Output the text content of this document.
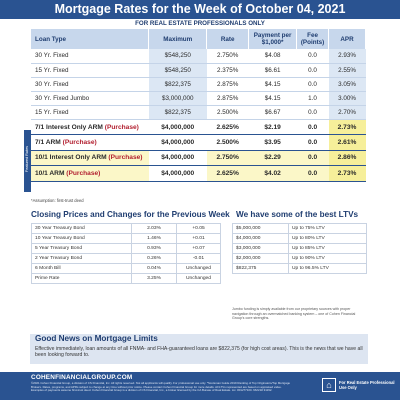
Mortgage Rates for the Week of October 04, 2021
FOR REAL ESTATE PROFESSIONALS ONLY
Loan Type	Maximum	Rate	Payment per $1,000*	Fee (Points)	APR
30 Yr. Fixed	$548,250	2.750%	$4.08	0.0	2.93%
15 Yr. Fixed	$548,250	2.375%	$6.61	0.0	2.55%
30 Yr. Fixed	$822,375	2.875%	$4.15	0.0	3.05%
30 Yr. Fixed Jumbo	$3,000,000	2.875%	$4.15	1.0	3.00%
15 Yr. Fixed	$822,375	2.500%	$6.67	0.0	2.70%
7/1 Interest Only ARM (Purchase)	$4,000,000	2.625%	$2.19	0.0	2.73%
7/1 ARM (Purchase)	$4,000,000	2.500%	$3.95	0.0	2.61%
10/1 Interest Only ARM (Purchase)	$4,000,000	2.750%	$2.29	0.0	2.86%
10/1 ARM (Purchase)	$4,000,000	2.625%	$4.02	0.0	2.73%
Featured Rates
*Assumption: first-trust deed
Closing Prices and Changes for the Previous Week
30 Year Treasury Bond	2.03%	+0.05
10 Year Treasury Bond	1.46%	+0.01
5 Year Treasury Bond	0.93%	+0.07
2 Year Treasury Bond	0.26%	-0.01
6 Month Bill	0.04%	Unchanged
Prime Rate	3.25%	Unchanged
We have some of the best LTVs
$5,000,000	Up to 75% LTV
$4,000,000	Up to 80% LTV
$3,000,000	Up to 85% LTV
$2,000,000	Up to 90% LTV
$822,375	Up to 96.5% LTV
Jumbo funding is simply available from our proprietary sources with proper navigation through an overmatched banking system – one of Cohen Financial Group's core strengths.
Good News on Mortgage Limits
Effective immediately, loan amounts of all FNMA- and FHA-guaranteed loans are $822,375 (for high cost areas). This is the news that we have all been looking forward to.
COHENFINANCIALGROUP.COM
©2021 Cohen Financial Group, a division of CS Financial, Inc. All rights reserved. Not all applicants will qualify. For professional use only. *Scotsman Guide 2019 Ranking of Top Originators/Top Mortgage Brokers. Rates, programs, and APRs subject to change at any time without prior notice. Please contact Cohen Financial Group for more details. All LTVs represented are based on appraised value. Examples of payments assume first-trust deed. Cohen Financial Group is a division of CS Financial, Inc., a broker licensed by the CA Bureau of Real Estate. Lic. #01277100. NMLS# 31192.
⌂	For Real Estate Professional Use Only
